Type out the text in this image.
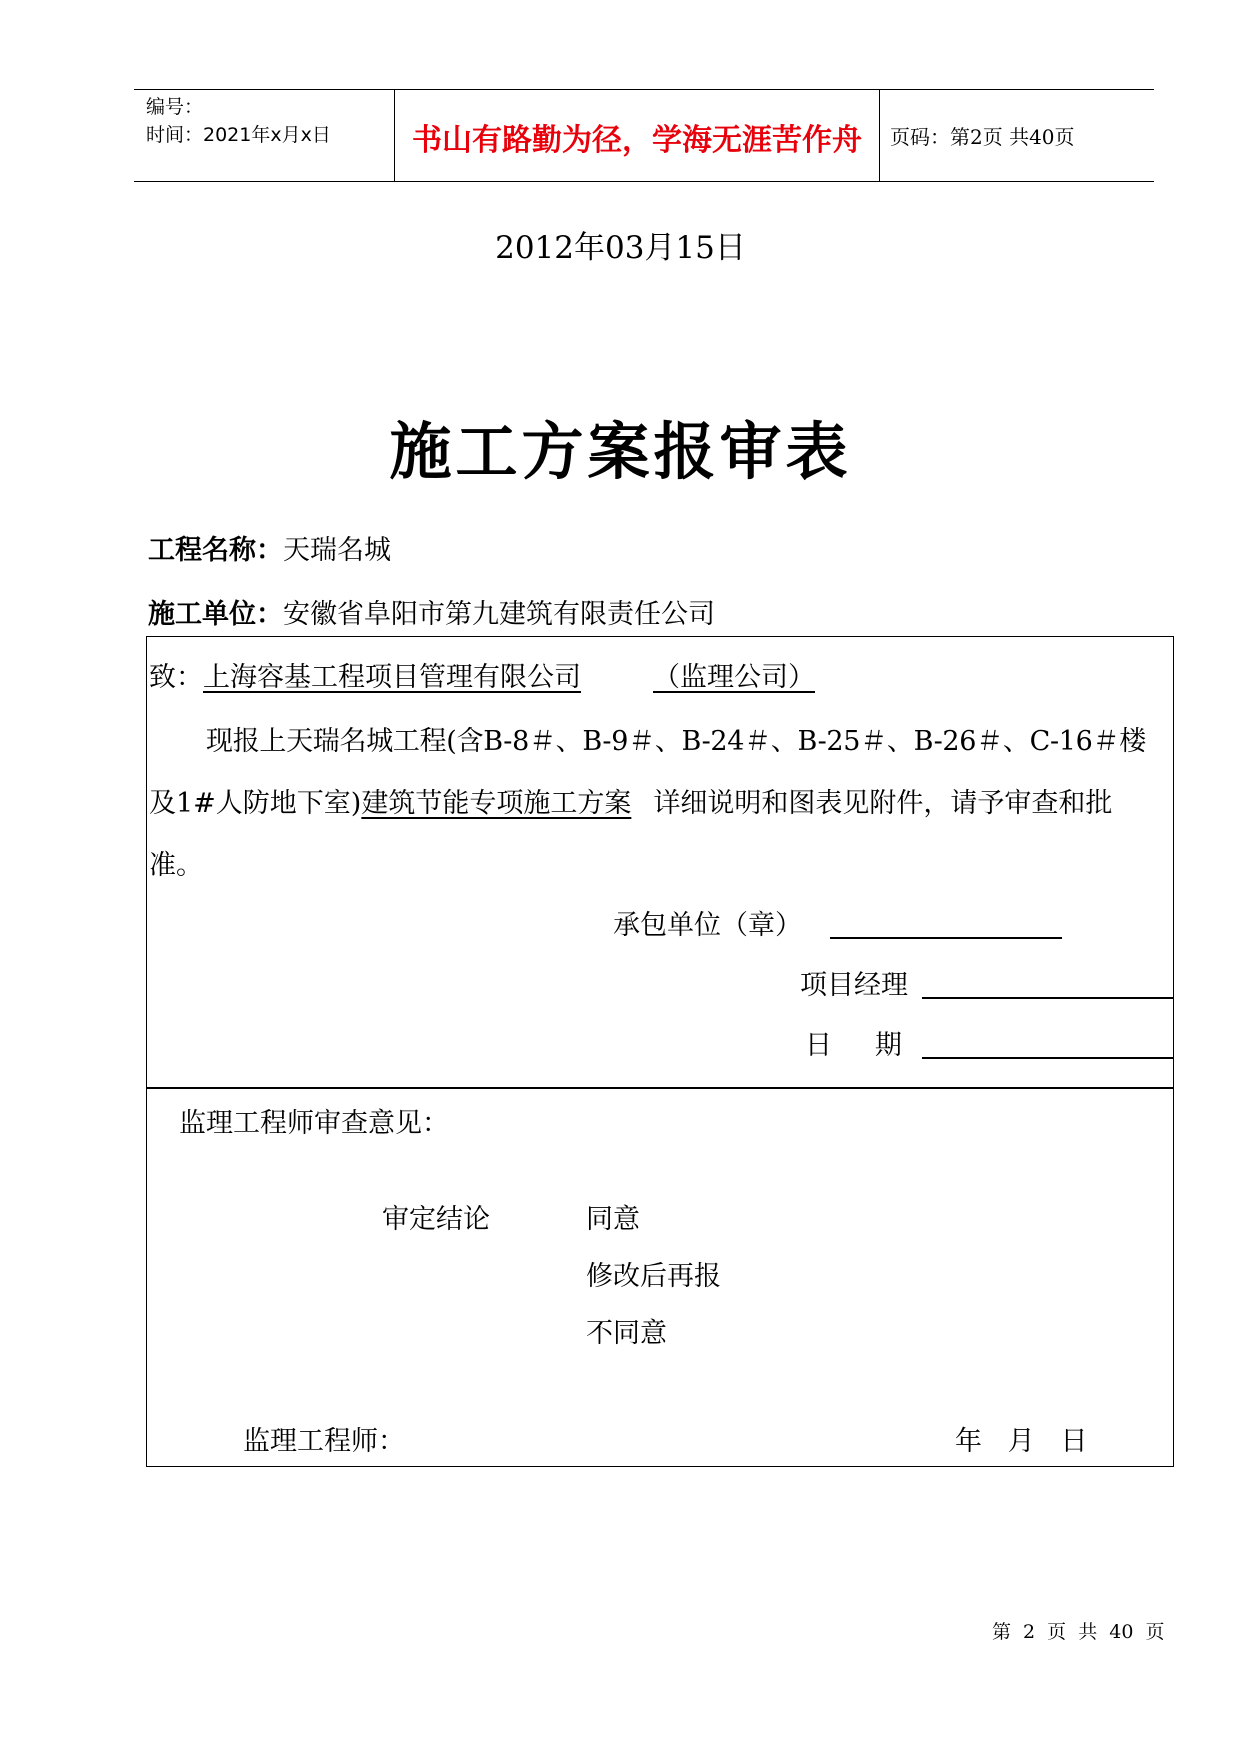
编号：
时间：2021年x月x日	书山有路勤为径，学海无涯苦作舟	页码：第2页 共40页
2012年03月15日
施工方案报审表
工程名称：天瑞名城
施工单位：安徽省阜阳市第九建筑有限责任公司
致：上海容基工程项目管理有限公司	（监理公司）
现报上天瑞名城工程(含B-8＃、B-9＃、B-24＃、B-25＃、B-26＃、C-16＃楼
及1#人防地下室)建筑节能专项施工方案 详细说明和图表见附件，请予审查和批
准。
承包单位（章）
项目经理
日     期
监理工程师审查意见：
审定结论	同意
修改后再报
不同意
监理工程师：	年   月   日
第 2 页 共 40 页
